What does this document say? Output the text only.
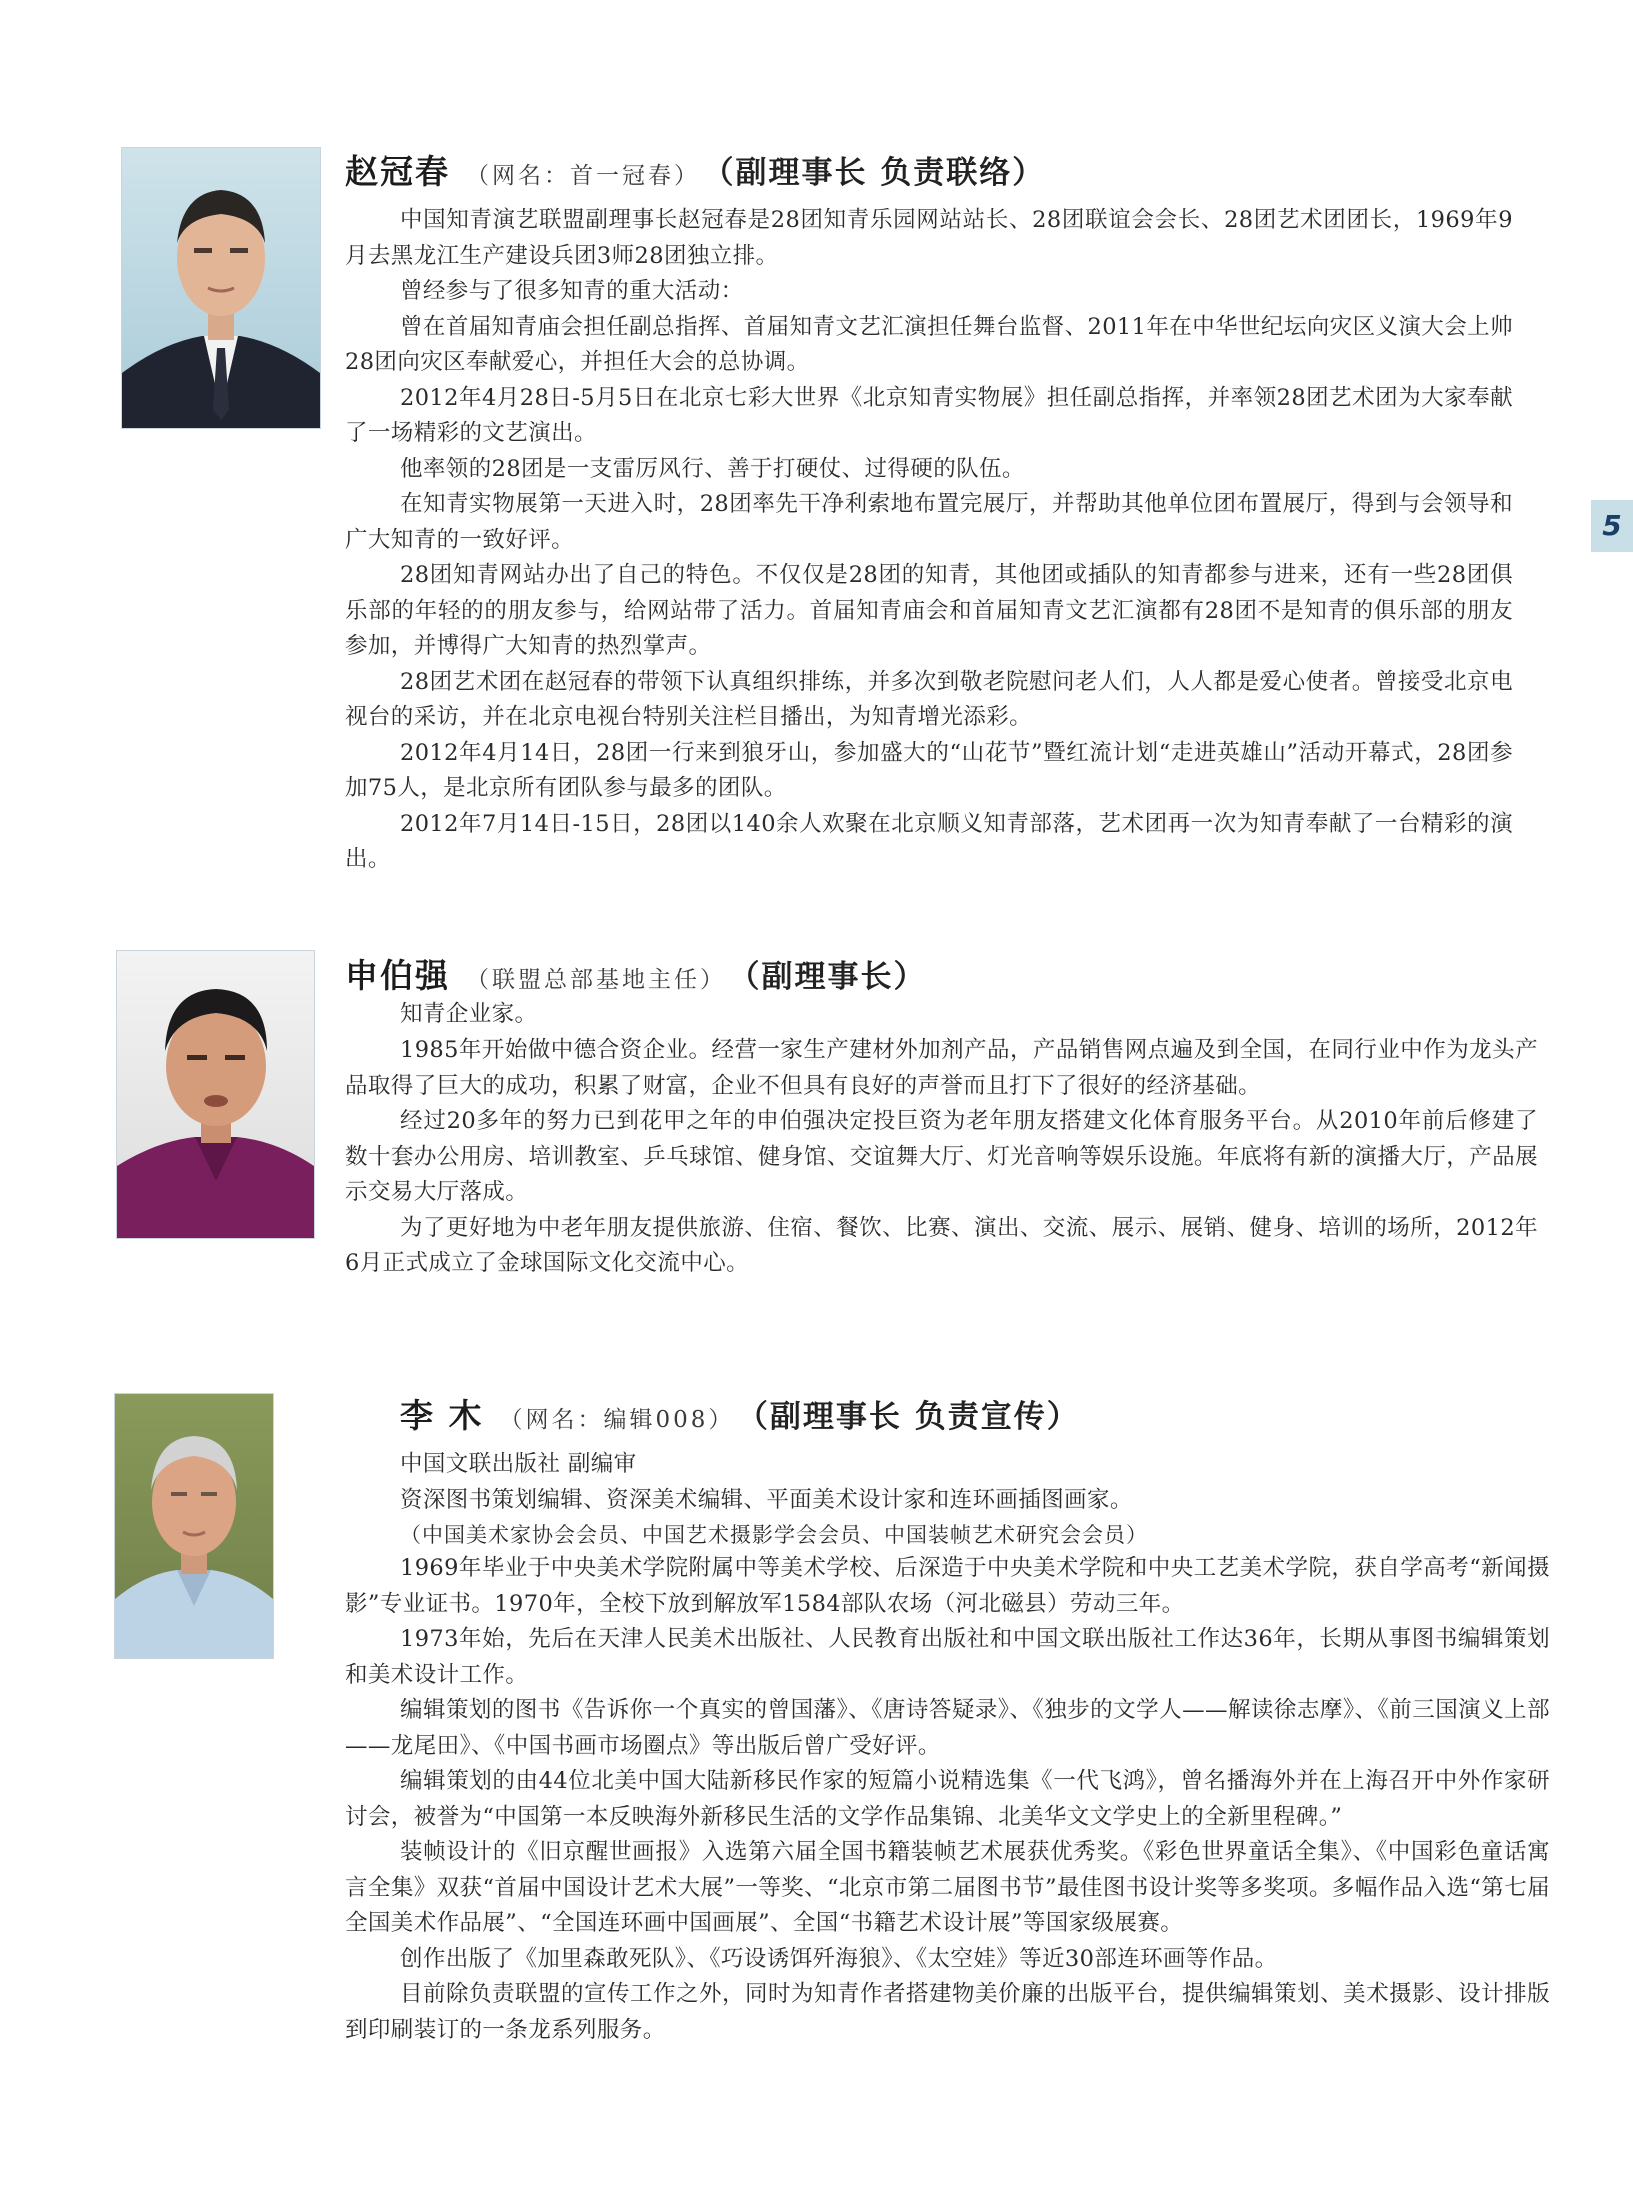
赵冠春 （网名：首一冠春） （副理事长 负责联络）

中国知青演艺联盟副理事长赵冠春是28团知青乐园网站站长、28团联谊会会长、28团艺术团团长，1969年9月去黑龙江生产建设兵团3师28团独立排。

曾经参与了很多知青的重大活动：

曾在首届知青庙会担任副总指挥、首届知青文艺汇演担任舞台监督、2011年在中华世纪坛向灾区义演大会上帅28团向灾区奉献爱心，并担任大会的总协调。

2012年4月28日-5月5日在北京七彩大世界《北京知青实物展》担任副总指挥，并率领28团艺术团为大家奉献了一场精彩的文艺演出。

他率领的28团是一支雷厉风行、善于打硬仗、过得硬的队伍。

在知青实物展第一天进入时，28团率先干净利索地布置完展厅，并帮助其他单位团布置展厅，得到与会领导和广大知青的一致好评。

28团知青网站办出了自己的特色。不仅仅是28团的知青，其他团或插队的知青都参与进来，还有一些28团俱乐部的年轻的的朋友参与，给网站带了活力。首届知青庙会和首届知青文艺汇演都有28团不是知青的俱乐部的朋友参加，并博得广大知青的热烈掌声。

28团艺术团在赵冠春的带领下认真组织排练，并多次到敬老院慰问老人们，人人都是爱心使者。曾接受北京电视台的采访，并在北京电视台特别关注栏目播出，为知青增光添彩。

2012年4月14日，28团一行来到狼牙山，参加盛大的“山花节”暨红流计划“走进英雄山”活动开幕式，28团参加75人，是北京所有团队参与最多的团队。

2012年7月14日-15日，28团以140余人欢聚在北京顺义知青部落，艺术团再一次为知青奉献了一台精彩的演出。

申伯强 （联盟总部基地主任） （副理事长）

知青企业家。

1985年开始做中德合资企业。经营一家生产建材外加剂产品，产品销售网点遍及到全国，在同行业中作为龙头产品取得了巨大的成功，积累了财富，企业不但具有良好的声誉而且打下了很好的经济基础。

经过20多年的努力已到花甲之年的申伯强决定投巨资为老年朋友搭建文化体育服务平台。从2010年前后修建了数十套办公用房、培训教室、乒乓球馆、健身馆、交谊舞大厅、灯光音响等娱乐设施。年底将有新的演播大厅，产品展示交易大厅落成。

为了更好地为中老年朋友提供旅游、住宿、餐饮、比赛、演出、交流、展示、展销、健身、培训的场所，2012年6月正式成立了金球国际文化交流中心。

李 木 （网名：编辑008） （副理事长 负责宣传）

中国文联出版社 副编审

资深图书策划编辑、资深美术编辑、平面美术设计家和连环画插图画家。

（中国美术家协会会员、中国艺术摄影学会会员、中国装帧艺术研究会会员）

1969年毕业于中央美术学院附属中等美术学校、后深造于中央美术学院和中央工艺美术学院，获自学高考“新闻摄影”专业证书。1970年，全校下放到解放军1584部队农场（河北磁县）劳动三年。

1973年始，先后在天津人民美术出版社、人民教育出版社和中国文联出版社工作达36年，长期从事图书编辑策划和美术设计工作。

编辑策划的图书《告诉你一个真实的曾国藩》、《唐诗答疑录》、《独步的文学人——解读徐志摩》、《前三国演义上部——龙尾田》、《中国书画市场圈点》等出版后曾广受好评。

编辑策划的由44位北美中国大陆新移民作家的短篇小说精选集《一代飞鸿》，曾名播海外并在上海召开中外作家研讨会，被誉为“中国第一本反映海外新移民生活的文学作品集锦、北美华文文学史上的全新里程碑。”

装帧设计的《旧京醒世画报》入选第六届全国书籍装帧艺术展获优秀奖。《彩色世界童话全集》、《中国彩色童话寓言全集》双获“首届中国设计艺术大展”一等奖、“北京市第二届图书节”最佳图书设计奖等多奖项。多幅作品入选“第七届全国美术作品展”、“全国连环画中国画展”、全国“书籍艺术设计展”等国家级展赛。

创作出版了《加里森敢死队》、《巧设诱饵歼海狼》、《太空娃》等近30部连环画等作品。

目前除负责联盟的宣传工作之外，同时为知青作者搭建物美价廉的出版平台，提供编辑策划、美术摄影、设计排版到印刷装订的一条龙系列服务。

5
